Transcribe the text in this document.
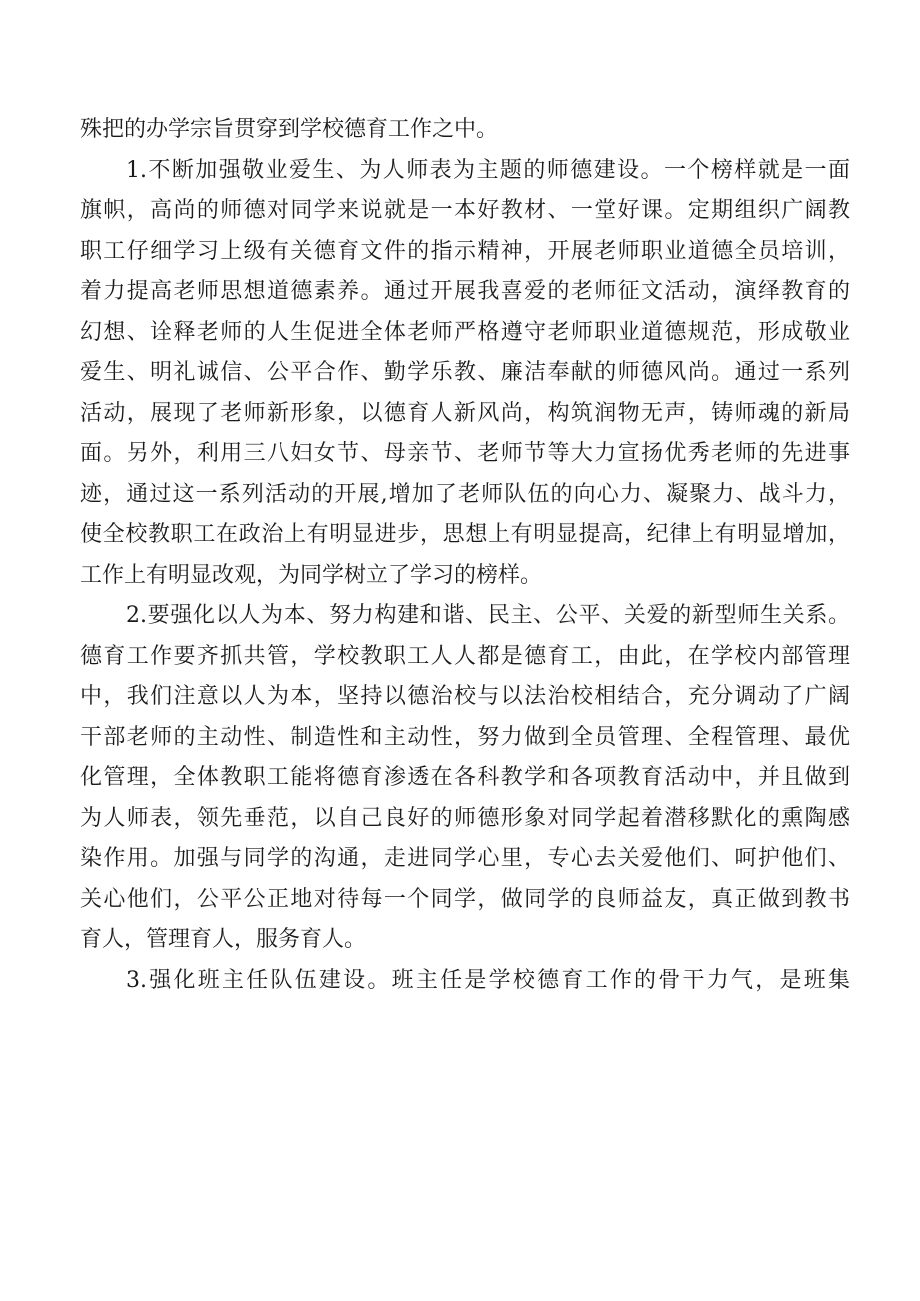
殊把的办学宗旨贯穿到学校德育工作之中。
1.不断加强敬业爱生、为人师表为主题的师德建设。一个榜样就是一面
旗帜，高尚的师德对同学来说就是一本好教材、一堂好课。定期组织广阔教
职工仔细学习上级有关德育文件的指示精神，开展老师职业道德全员培训，
着力提高老师思想道德素养。通过开展我喜爱的老师征文活动，演绎教育的
幻想、诠释老师的人生促进全体老师严格遵守老师职业道德规范，形成敬业
爱生、明礼诚信、公平合作、勤学乐教、廉洁奉献的师德风尚。通过一系列
活动，展现了老师新形象，以德育人新风尚，构筑润物无声，铸师魂的新局
面。另外，利用三八妇女节、母亲节、老师节等大力宣扬优秀老师的先进事
迹，通过这一系列活动的开展,增加了老师队伍的向心力、凝聚力、战斗力，
使全校教职工在政治上有明显进步，思想上有明显提高，纪律上有明显增加，
工作上有明显改观，为同学树立了学习的榜样。
2.要强化以人为本、努力构建和谐、民主、公平、关爱的新型师生关系。
德育工作要齐抓共管，学校教职工人人都是德育工，由此，在学校内部管理
中，我们注意以人为本，坚持以德治校与以法治校相结合，充分调动了广阔
干部老师的主动性、制造性和主动性，努力做到全员管理、全程管理、最优
化管理，全体教职工能将德育渗透在各科教学和各项教育活动中，并且做到
为人师表，领先垂范，以自己良好的师德形象对同学起着潜移默化的熏陶感
染作用。加强与同学的沟通，走进同学心里，专心去关爱他们、呵护他们、
关心他们，公平公正地对待每一个同学，做同学的良师益友，真正做到教书
育人，管理育人，服务育人。
3.强化班主任队伍建设。班主任是学校德育工作的骨干力气，是班集
